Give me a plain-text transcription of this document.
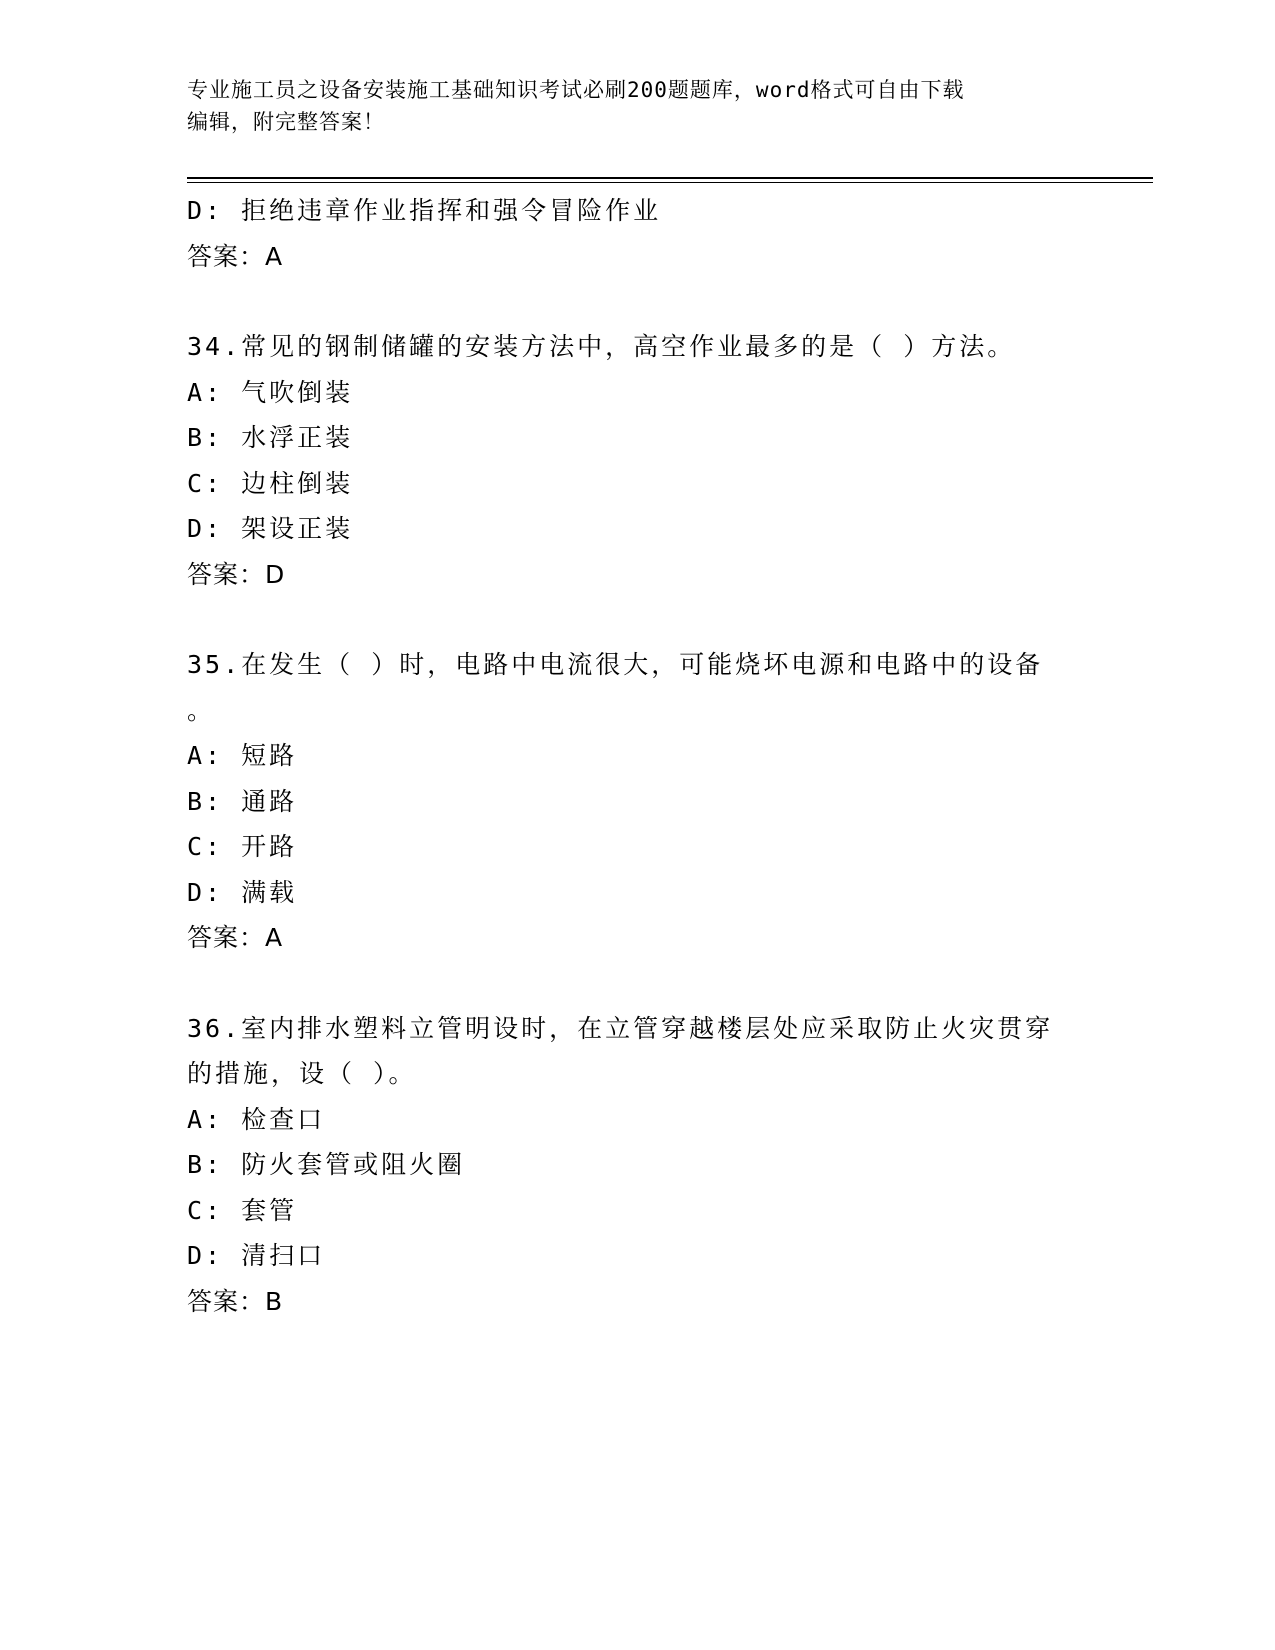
专业施工员之设备安装施工基础知识考试必刷200题题库，word格式可自由下载
编辑，附完整答案！
D: 拒绝违章作业指挥和强令冒险作业
答案：A
34.常见的钢制储罐的安装方法中，高空作业最多的是（ ）方法。
A: 气吹倒装
B: 水浮正装
C: 边柱倒装
D: 架设正装
答案：D
35.在发生（ ）时，电路中电流很大，可能烧坏电源和电路中的设备
。
A: 短路
B: 通路
C: 开路
D: 满载
答案：A
36.室内排水塑料立管明设时，在立管穿越楼层处应采取防止火灾贯穿
的措施，设（ ）。
A: 检查口
B: 防火套管或阻火圈
C: 套管
D: 清扫口
答案：B
